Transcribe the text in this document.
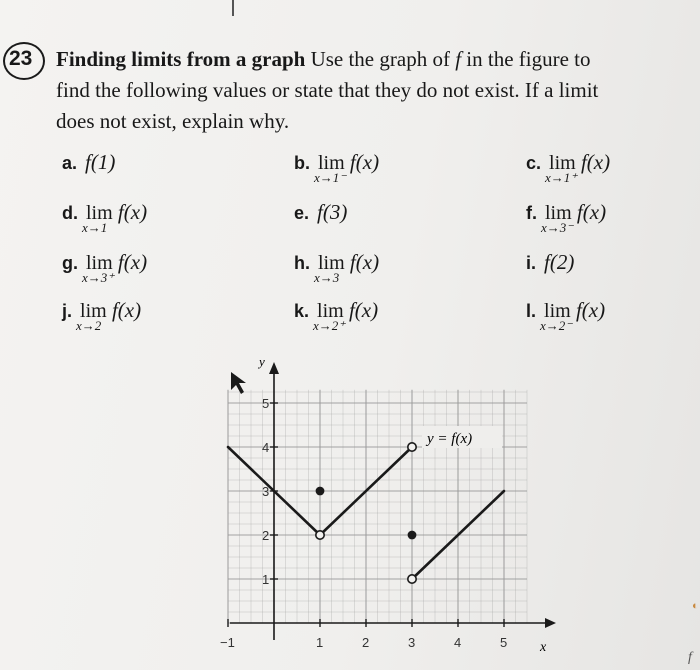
23 Finding limits from a graph Use the graph of f in the figure to
find the following values or state that they do not exist. If a limit
does not exist, explain why.
a. f(1)	b. lim
x→1⁻
f(x)	c. lim
x→1⁺
f(x)
d. lim
x→1
f(x)	e. f(3)	f. lim
x→3⁻
f(x)
g. lim
x→3⁺
f(x)	h. lim
x→3
f(x)	i. f(2)
j. lim
x→2
f(x)	k. lim
x→2⁺
f(x)	l. lim
x→2⁻
f(x)
−1	1	2	3	4	5
1
2
3
4
5
x
y
y = f(x)
◐
f
